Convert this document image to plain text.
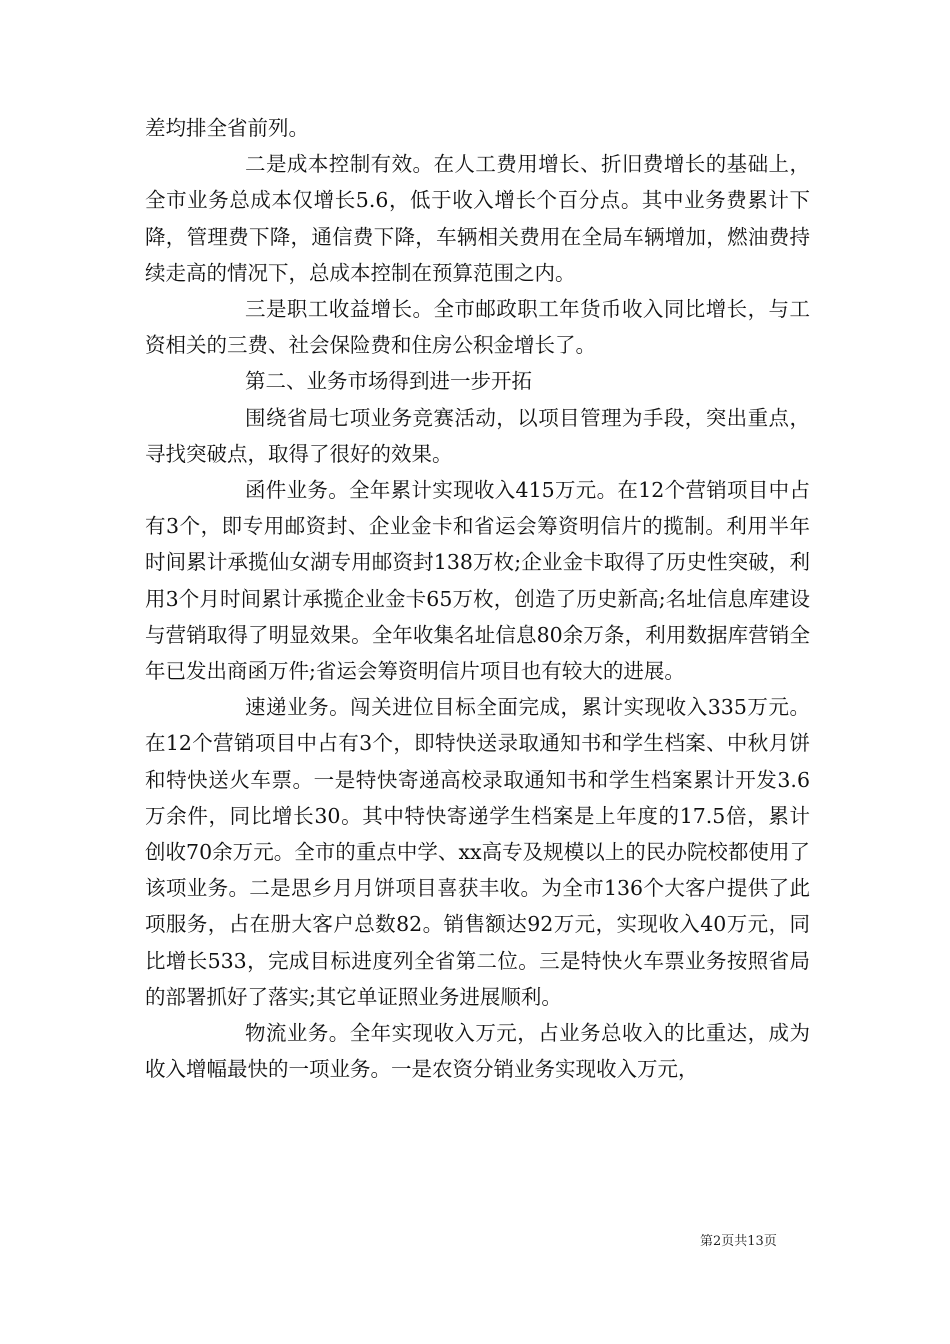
差均排全省前列。

二是成本控制有效。在人工费用增长、折旧费增长的基础上，全市业务总成本仅增长5.6，低于收入增长个百分点。其中业务费累计下降，管理费下降，通信费下降，车辆相关费用在全局车辆增加，燃油费持续走高的情况下，总成本控制在预算范围之内。

三是职工收益增长。全市邮政职工年货币收入同比增长，与工资相关的三费、社会保险费和住房公积金增长了。

第二、业务市场得到进一步开拓

围绕省局七项业务竞赛活动，以项目管理为手段，突出重点，寻找突破点，取得了很好的效果。

函件业务。全年累计实现收入415万元。在12个营销项目中占有3个，即专用邮资封、企业金卡和省运会筹资明信片的揽制。利用半年时间累计承揽仙女湖专用邮资封138万枚;企业金卡取得了历史性突破，利用3个月时间累计承揽企业金卡65万枚，创造了历史新高;名址信息库建设与营销取得了明显效果。全年收集名址信息80余万条，利用数据库营销全年已发出商函万件;省运会筹资明信片项目也有较大的进展。

速递业务。闯关进位目标全面完成，累计实现收入335万元。在12个营销项目中占有3个，即特快送录取通知书和学生档案、中秋月饼和特快送火车票。一是特快寄递高校录取通知书和学生档案累计开发3.6万余件，同比增长30。其中特快寄递学生档案是上年度的17.5倍，累计创收70余万元。全市的重点中学、xx高专及规模以上的民办院校都使用了该项业务。二是思乡月月饼项目喜获丰收。为全市136个大客户提供了此项服务，占在册大客户总数82。销售额达92万元，实现收入40万元，同比增长533，完成目标进度列全省第二位。三是特快火车票业务按照省局的部署抓好了落实;其它单证照业务进展顺利。

物流业务。全年实现收入万元，占业务总收入的比重达，成为收入增幅最快的一项业务。一是农资分销业务实现收入万元，

第2页共13页
